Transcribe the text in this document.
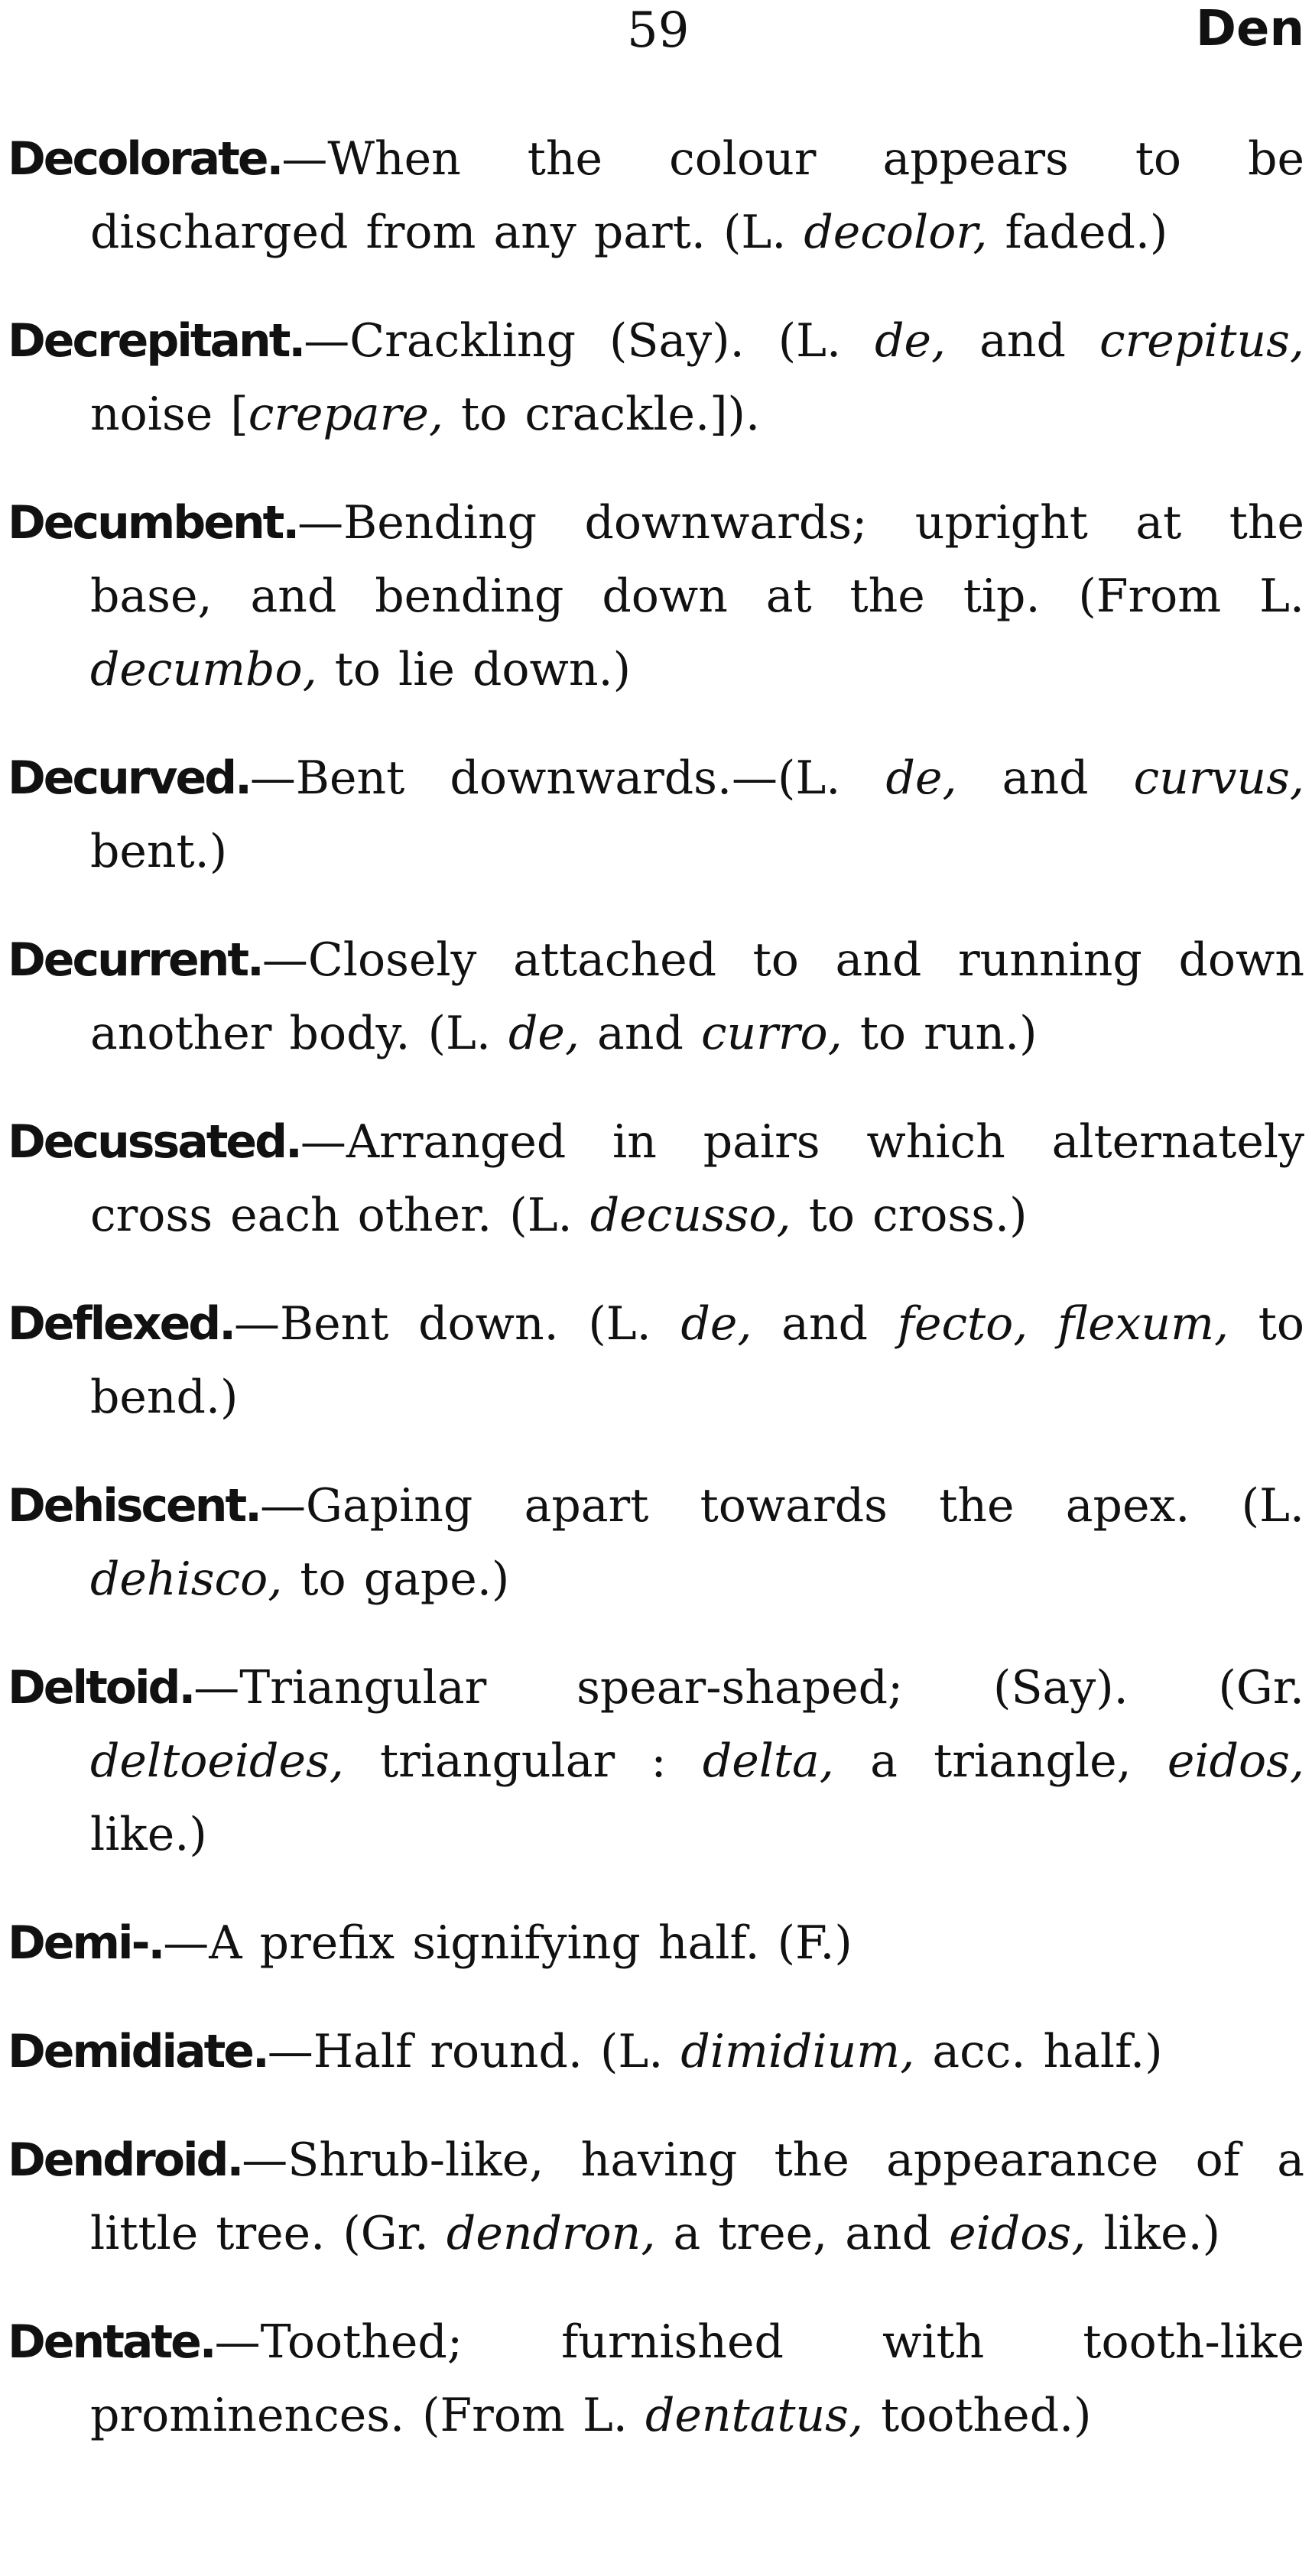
59	Den

Decolorate.—When the colour appears to be discharged from any part. (L. decolor, faded.)

Decrepitant.—Crackling (Say). (L. de, and crepitus, noise [crepare, to crackle.]).

Decumbent.—Bending downwards; upright at the base, and bending down at the tip. (From L. decumbo, to lie down.)

Decurved.—Bent downwards.—(L. de, and curvus, bent.)

Decurrent.—Closely attached to and running down another body. (L. de, and curro, to run.)

Decussated.—Arranged in pairs which alternately cross each other. (L. decusso, to cross.)

Deflexed.—Bent down. (L. de, and fecto, flexum, to bend.)

Dehiscent.—Gaping apart towards the apex. (L. dehisco, to gape.)

Deltoid.—Triangular spear-shaped; (Say). (Gr. deltoeides, triangular : delta, a triangle, eidos, like.)

Demi-.—A prefix signifying half. (F.)

Demidiate.—Half round. (L. dimidium, acc. half.)

Dendroid.—Shrub-like, having the appearance of a little tree. (Gr. dendron, a tree, and eidos, like.)

Dentate.—Toothed; furnished with tooth-like prominences. (From L. dentatus, toothed.)
